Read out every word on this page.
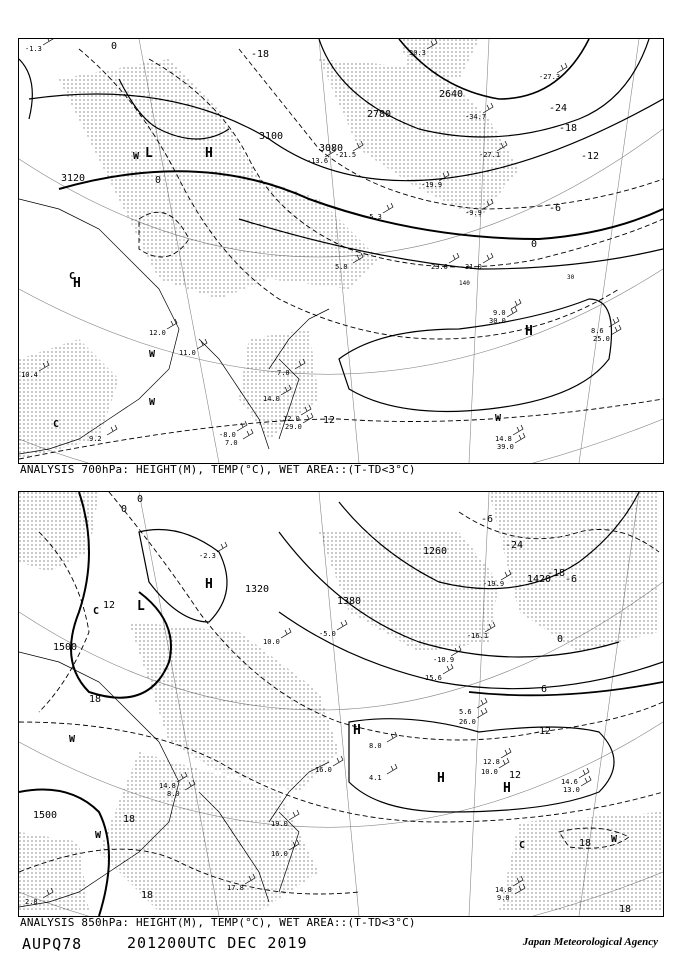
3120
3100
3080
2780
2640
0
-18
-24
-18
-12
-6
0
12
0
H
L
H
H
W
W
W
W
C
C
9.0
30.0
8.6
25.0
14.8
39.0
5.0	23.0 31.0
-34.7
-27.1
-19.9
-9.9
12.0
11.0
7.0
14.0
12.0
29.0
-8.0
7.0
10.4
9.2
-1.3	30.3
-27.3
-21.5
-13.6
-5.3
140
30
ANALYSIS 700hPa: HEIGHT(M), TEMP(°C), WET AREA::(T-TD<3°C)
1500
1500
1380
1260
1320
1420
0
0
12
18
-6
-24
-6
-18
0
6
12
12
18
18
18
18
H
L
H
H
H
W
W	W
C
C
12.8
10.0
14.6
13.0
14.8
9.0
8.0
16.0
4.1
15.6
5.6
26.0
-19.9
-16.1
-10.9
14.8
8.0
19.0
16.0
17.8
2.8
-2.3
-5.0
10.0
ANALYSIS 850hPa: HEIGHT(M), TEMP(°C), WET AREA::(T-TD<3°C)
AUPQ78	201200UTC DEC 2019	Japan Meteorological Agency
